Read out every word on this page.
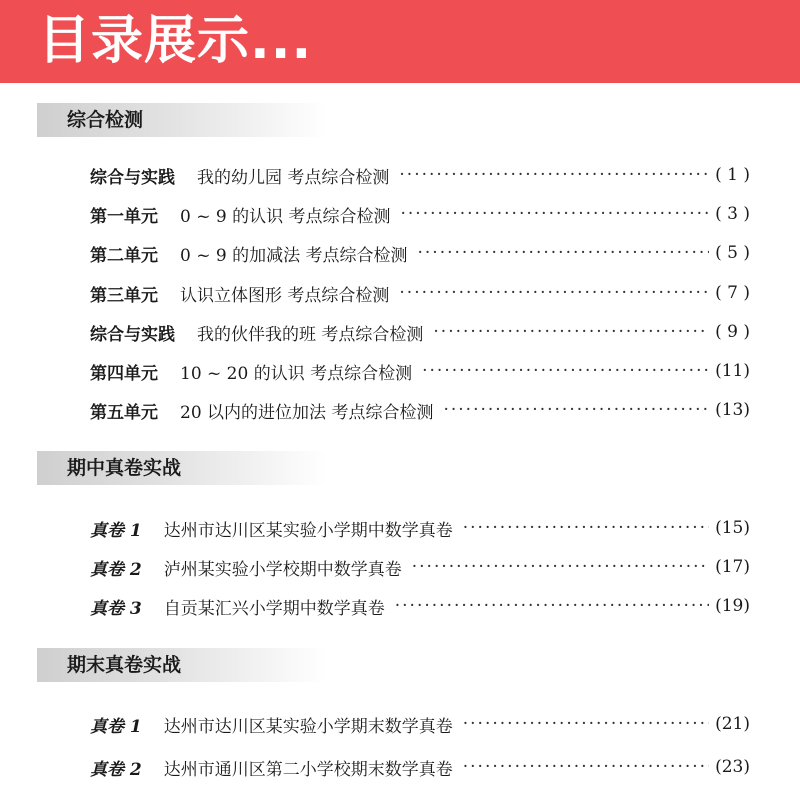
目录展示...
综合检测
综合与实践 我的幼儿园 考点综合检测 ·····	( 1 )
第一单元 0 ~ 9 的认识 考点综合检测 ·····	( 3 )
第二单元 0 ~ 9 的加减法 考点综合检测 ·····	( 5 )
第三单元 认识立体图形 考点综合检测 ·····	( 7 )
综合与实践 我的伙伴我的班 考点综合检测 ·····	( 9 )
第四单元 10 ~ 20 的认识 考点综合检测 ·····	(11)
第五单元 20 以内的进位加法 考点综合检测 ·····	(13)
期中真卷实战
真卷 1 达州市达川区某实验小学期中数学真卷 ·····	(15)
真卷 2 泸州某实验小学校期中数学真卷 ·····	(17)
真卷 3 自贡某汇兴小学期中数学真卷 ·····	(19)
期末真卷实战
真卷 1 达州市达川区某实验小学期末数学真卷 ·····	(21)
真卷 2 达州市通川区第二小学校期末数学真卷 ·····	(23)
